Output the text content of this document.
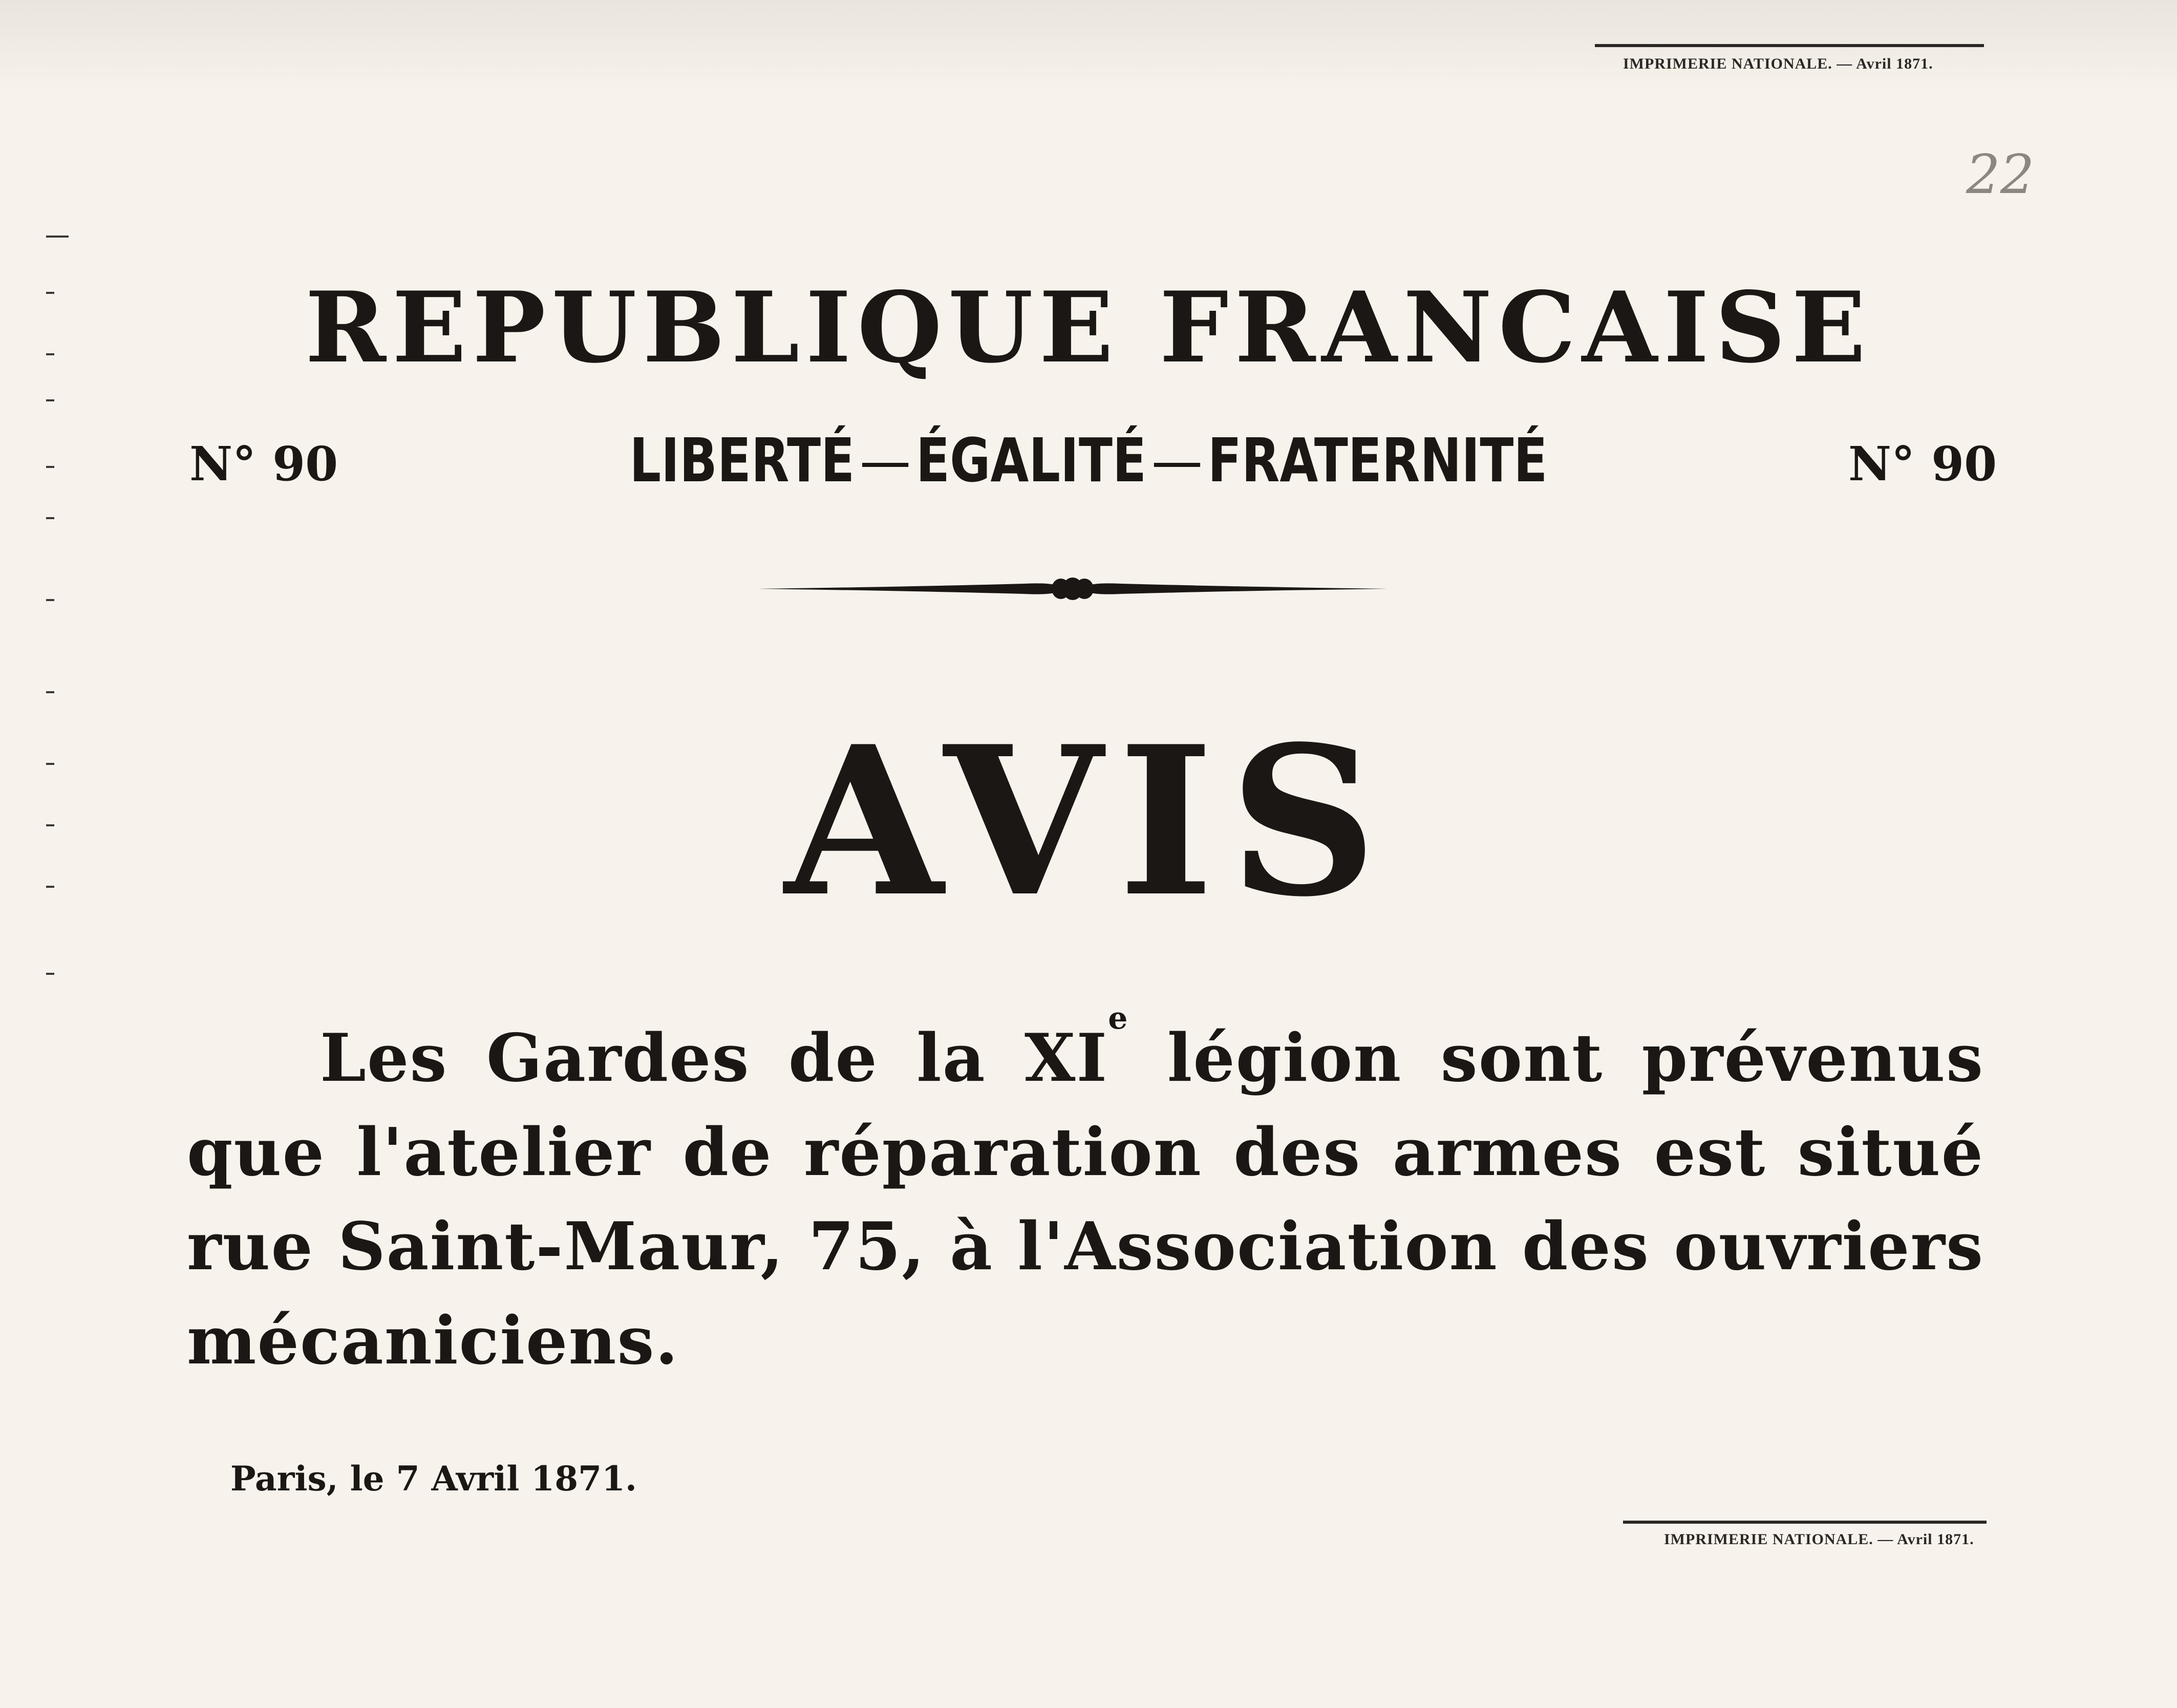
IMPRIMERIE NATIONALE. — Avril 1871.
22
REPUBLIQUE FRANCAISE
N° 90	N° 90
LIBERTÉ ÉGALITÉ FRATERNITÉ
AVIS
Les Gardes de la XIe légion sont prévenus que l'atelier de réparation des armes est situé rue Saint-Maur, 75, à l'Association des ouvriers mécaniciens.
Paris, le 7 Avril 1871.
IMPRIMERIE NATIONALE. — Avril 1871.
